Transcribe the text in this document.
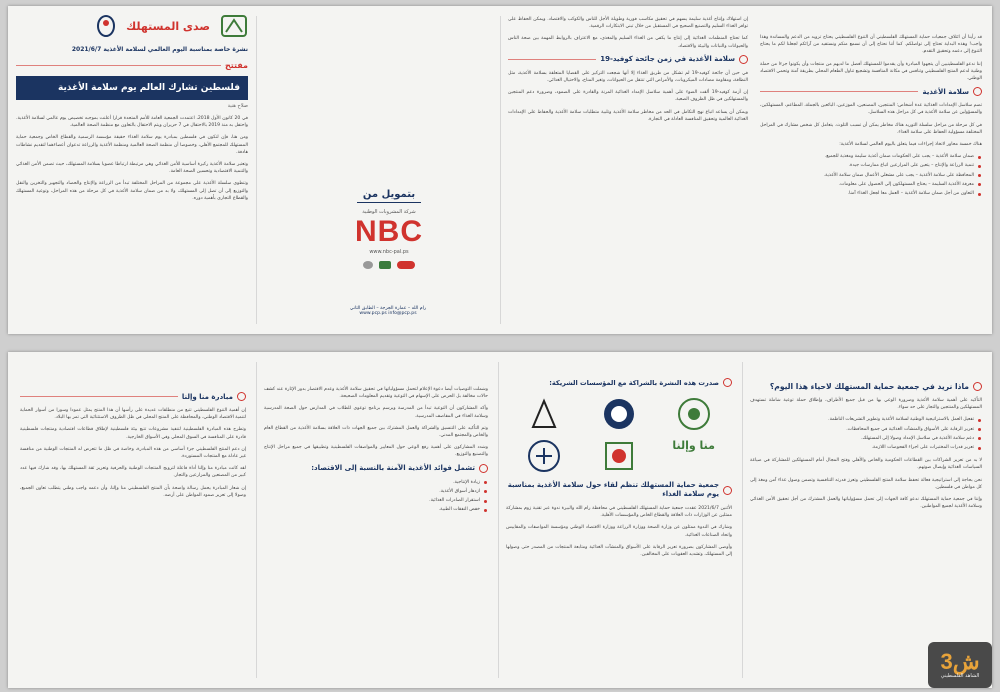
قد رأينا أن ائتلاف جمعيات حماية المستهلك الفلسطيني أن التنوع الفلسطيني يحتاج تزويد من الدعم والمساندة وهذا واجب! وهذه البداية تحتاج إلى تواصلكم. كما أننا نحتاج إلى أن نسمع منكم ونستفيد من آرائكم لجعلنا لكم ما يحتاج التنوع إلى دعمه وتحقيق التقدم.

إننا ندعو الفلسطينيين أن يتجهوا المبادرة وأن يقدموا للمستهلك أفضل ما لديهم من منتجات وأن يكونوا جزءا من حملة وطنية لدعم المنتج الفلسطيني وتنافس في مكانة المنافسة وتشجيع تناول الطعام المحلي بطريقة آمنة وتحمي الاقتصاد الوطني.

سلامة الأغذية

تضم سلاسل الإمدادات الغذائية عدة أشخاص: المنتجين، المصنعين، الموزعين، البائعين بالجملة، المطاعم، المستهلكين، والمسؤولين عن سلامة الأغذية في كل مراحل هذه السلاسل.

في كل مرحلة من مراحل سلسلة التوريد هناك مخاطر يمكن أن تسبب التلوث. يتعامل كل شخص مشارك في المراحل المختلفة مسؤولية الحفاظ على سلامة الغذاء.

هناك خمسة محاور لاتخاذ إجراءات فيما يتعلق باليوم العالمي لسلامة الأغذية:

ضمان سلامة الأغذية – يجب على الحكومات ضمان أغذية سليمة ومغذية للجميع.
تنمية الزراعة والإنتاج – يتعين على المزارعين اتباع ممارسات جيدة.
المحافظة على سلامة الأغذية – يجب على مشغلي الأعمال ضمان سلامة الأغذية.
معرفة الأغذية السليمة – يحتاج المستهلكون إلى الحصول على معلومات.
التعاون من أجل ضمان سلامة الأغذية – العمل معا لجعل الغذاء آمنا.

إن استهلاك وإنتاج أغذية سليمة يسهم في تحقيق مكاسب فورية وطويلة الأجل للناس والكوكب والاقتصاد. ويمكن الحفاظ على توافر الغذاء السليم والتصنيع الصحيح في المستقبل من خلال تبني الابتكارات الرقمية.

كما تحتاج المنظمات الغذائية إلى إنتاج ما يكفي من الغذاء السليم والمغذي، مع الاعتراف بالروابط المهمة بين صحة الناس والحيوانات والنباتات والبيئة والاقتصاد.

سلامة الأغذية في زمن جائحة كوفيد-19

في حين أن جائحة كوفيد-19 لم تشكل من طريق الغذاء إلا أنها شجعت التركيز على القضايا المتعلقة بسلامة الأغذية، مثل النظافة، ومقاومة مضادات الميكروبات، والأمراض التي تنتقل من الحيوانات، وتغير المناخ، والاحتيال الغذائي.

إن أزمة كوفيد-19 ألقت الضوء على أهمية سلاسل الإمداد الغذائية المرنة والقادرة على الصمود، وضرورة دعم المنتجين والمستهلكين في ظل الظروف الصعبة.

ويمكن أن يساعد اتباع نهج التكامل في الحد من مخاطر سلامة الأغذية وتلبية متطلبات سلامة الأغذية والحفاظ على الإمدادات الغذائية العالمية وتحقيق المنافسة العادلة في التجارة.

بتمويل من
شركة المشروبات الوطنية
NBC
www.nbc-pal.ps
رام الله – عمارة الجرجة – الطابق الثاني
www.pcp.ps info@pcp.ps
صدى المستهلك
نشرة خاصة بمناسبة اليوم العالمي لسلامة الأغذية 2021/6/7
مفتتح
فلسطين تشارك العالم يوم سلامة الأغذية
صلاح هنية

في 20 كانون الأول 2018، اعتمدت الجمعية العامة للأمم المتحدة قرارا أعلنت بموجبه تخصيص يوم عالمي لسلامة الأغذية. واحتفل به منذ 2019 بالاحتفال في 7 حزيران ويتم الاحتفال بالتعاون مع منظمة الصحة العالمية.

ومن هنا، فإن لتكون في فلسطين بمبادرة يوم سلامة الغذاء حقيقة مؤسسة الرسمية والقطاع الخاص وجمعية حماية المستهلك للمجتمع الأهلي، وخصوصا أن منظمة الصحة العالمية ومنظمة الأغذية والزراعة تدعوان أعضاءهما لتقديم نشاطات هادفة.

وتعتبر سلامة الأغذية ركيزة أساسية للأمن الغذائي وهي مرتبطة ارتباطا عضويا بسلامة المستهلك، حيث تضمن الأمن الغذائي والتنمية الاقتصادية وتحسين الصحة العامة.

وتنطوي سلسلة الأغذية على مجموعة من المراحل المختلفة تبدأ من الزراعة والإنتاج والحصاد والتجهيز والتخزين والنقل والتوزيع إلى أن تصل إلى المستهلك، ولا بد من ضمان سلامة الأغذية في كل مرحلة من هذه المراحل، وتوعية المستهلك والقطاع التجاري بأهمية دوره.

ماذا نريد في جمعية حماية المستهلك لاحياء هذا اليوم؟

التأكيد على أهمية سلامة الأغذية وضرورة الوعي بها من قبل جميع الأطراف، وإطلاق حملة توعية شاملة تستهدف المستهلكين والمنتجين والتجار على حد سواء.

تفعيل العمل بالاستراتيجية الوطنية لسلامة الأغذية وتطوير التشريعات الناظمة.
تعزيز الرقابة على الأسواق والمنشآت الغذائية في جميع المحافظات.
دعم سلامة الأغذية في سلاسل الإمداد وصولا إلى المستهلك.
تعزيز قدرات المختبرات على اجراء الفحوصات اللازمة.

لا بد من تعزيز الشراكات بين القطاعات الحكومية والخاص والأهلي وفتح المجال أمام المستهلكين للمشاركة في صياغة السياسات الغذائية وإيصال صوتهم.

نحن بحاجة إلى استراتيجية فعالة تحفظ سلامة المنتج الفلسطيني وتعزز قدرته التنافسية وتضمن وصول غذاء آمن ومغذ إلى كل مواطن في فلسطين.

وإننا في جمعية حماية المستهلك ندعو كافة الجهات إلى تحمل مسؤولياتها والعمل المشترك من أجل تحقيق الأمن الغذائي وسلامة الأغذية لجميع المواطنين.

صدرت هذه النشرة بالشراكة مع المؤسسات الشريكة:
منا وإلنا
جمعية حماية المستهلك تنظم لقاء حول سلامة الأغذية بمناسبة يوم سلامة الغذاء

الأثنين 2021/6/7 عقدت جمعية حماية المستهلك الفلسطيني في محافظة رام الله والبيرة ندوة عبر تقنية زوم بمشاركة ممثلين عن الوزارات ذات العلاقة والقطاع الخاص والمؤسسات الأهلية.

وشارك في الندوة ممثلون عن وزارة الصحة ووزارة الزراعة ووزارة الاقتصاد الوطني ومؤسسة المواصفات والمقاييس واتحاد الصناعات الغذائية.

وأوصى المشاركون بضرورة تعزيز الرقابة على الأسواق والمنشآت الغذائية ومتابعة المنتجات من المصدر حتى وصولها إلى المستهلك، وتشديد العقوبات على المخالفين.

وشملت التوصيات أيضا دعوة الإعلام لتحمل مسؤولياتها في تحقيق سلامة الأغذية وعدم الاقتصار بدور الإثارة عند كشف حالات مخالفة بل الحرص على الإسهام في التوعية وتقديم المعلومات الصحيحة.

وأكد المشاركون أن التوعية تبدأ من المدرسة وبرسم برنامج توعوي للطلاب في المدارس حول الصحة المدرسية وسلامة الغذاء في المقاصف المدرسية.

وتم التأكيد على التنسيق والشراكة والعمل المشترك بين جميع الجهات ذات العلاقة بسلامة الأغذية من القطاع العام والخاص والمجتمع المدني.

وشدد المشاركون على أهمية رفع الوعي حول المعايير والمواصفات الفلسطينية وتطبيقها في جميع مراحل الإنتاج والتصنيع والتوزيع.

تشمل فوائد الأغذية الآمنة بالنسبة إلى الاقتصاد:
زيادة الإنتاجية.
ازدهار أسواق الأغذية.
استقرار الصادرات الغذائية.
خفض النفقات الطبية.
مبادرة منا وإلنا

إن أهمية التنوع الفلسطيني تتبع من منطلقات عديدة على رأسها أن هذا المنتج يمثل عمودا وسورا من أسوار الحماية لتنمية الاقتصاد الوطني، والمحافظة على المنتج المحلي في ظل الظروف الاستثنائية التي تمر بها البلاد.

وتطرح هذه المبادرة الفلسطينية لتنفيذ مشروعات تتبع بيئة فلسطينية لإطلاق قطاعات اقتصادية ومنتجات فلسطينية قادرة على المنافسة في السوق المحلي وفي الأسواق الخارجية.

إن دعم المنتج الفلسطيني جزء أساسي من هذه المبادرة، وخاصة في ظل ما تتعرض له المنتجات الوطنية من منافسة غير عادلة مع المنتجات المستوردة.

لقد كانت مبادرة منا وإلنا أداة فاعلة لترويج المنتجات الوطنية والحرفية وتعزيز ثقة المستهلك بها، وقد شارك فيها عدد كبير من المصنعين والمزارعين والتجار.

إن شعار المبادرة يحمل رسالة واضحة بأن المنتج الفلسطيني منا وإلنا، وأن دعمه واجب وطني يتطلب تعاون الجميع، وصولا إلى تعزيز صمود المواطن على أرضه.

ﺵ3
الشاهد الفلسطيني
